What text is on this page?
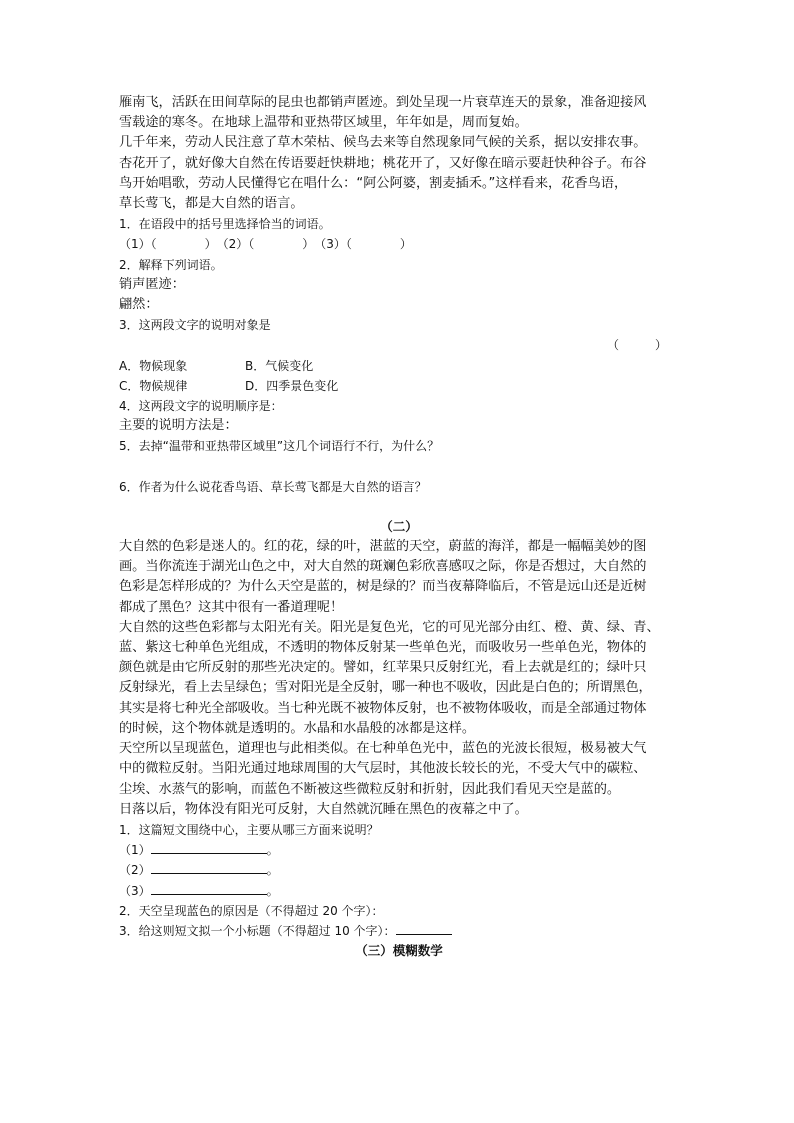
雁南飞，活跃在田间草际的昆虫也都销声匿迹。到处呈现一片衰草连天的景象，准备迎接风

雪载途的寒冬。在地球上温带和亚热带区域里，年年如是，周而复始。

几千年来，劳动人民注意了草木荣枯、候鸟去来等自然现象同气候的关系，据以安排农事。

杏花开了，就好像大自然在传语要赶快耕地；桃花开了，又好像在暗示要赶快种谷子。布谷

鸟开始唱歌，劳动人民懂得它在唱什么：“阿公阿婆，割麦插禾。”这样看来，花香鸟语，

草长莺飞，都是大自然的语言。

1．在语段中的括号里选择恰当的词语。

（1）（　　　　）　（2）（　　　　）　（3）（　　　　）

2．解释下列词语。

销声匿迹：

翩然：

3．这两段文字的说明对象是

（　　　）

A．物候现象	B．气候变化

C．物候规律	D．四季景色变化

4．这两段文字的说明顺序是：

主要的说明方法是：

5．去掉“温带和亚热带区域里”这几个词语行不行，为什么？

6．作者为什么说花香鸟语、草长莺飞都是大自然的语言？

（二）

大自然的色彩是迷人的。红的花，绿的叶，湛蓝的天空，蔚蓝的海洋，都是一幅幅美妙的图

画。当你流连于湖光山色之中，对大自然的斑斓色彩欣喜感叹之际，你是否想过，大自然的

色彩是怎样形成的？为什么天空是蓝的，树是绿的？而当夜幕降临后，不管是远山还是近树

都成了黑色？这其中很有一番道理呢！

大自然的这些色彩都与太阳光有关。阳光是复色光，它的可见光部分由红、橙、黄、绿、青、

蓝、紫这七种单色光组成，不透明的物体反射某一些单色光，而吸收另一些单色光，物体的

颜色就是由它所反射的那些光决定的。譬如，红苹果只反射红光，看上去就是红的；绿叶只

反射绿光，看上去呈绿色；雪对阳光是全反射，哪一种也不吸收，因此是白色的；所谓黑色，

其实是将七种光全部吸收。当七种光既不被物体反射，也不被物体吸收，而是全部通过物体

的时候，这个物体就是透明的。水晶和水晶般的冰都是这样。

天空所以呈现蓝色，道理也与此相类似。在七种单色光中，蓝色的光波长很短，极易被大气

中的微粒反射。当阳光通过地球周围的大气层时，其他波长较长的光，不受大气中的碳粒、

尘埃、水蒸气的影响，而蓝色不断被这些微粒反射和折射，因此我们看见天空是蓝的。

日落以后，物体没有阳光可反射，大自然就沉睡在黑色的夜幕之中了。

1．这篇短文围绕中心，主要从哪三方面来说明？

（1）	。

（2）	。

（3）	。

2．天空呈现蓝色的原因是（不得超过 20 个字）：

3．给这则短文拟一个小标题（不得超过 10 个字）：

（三）模糊数学
